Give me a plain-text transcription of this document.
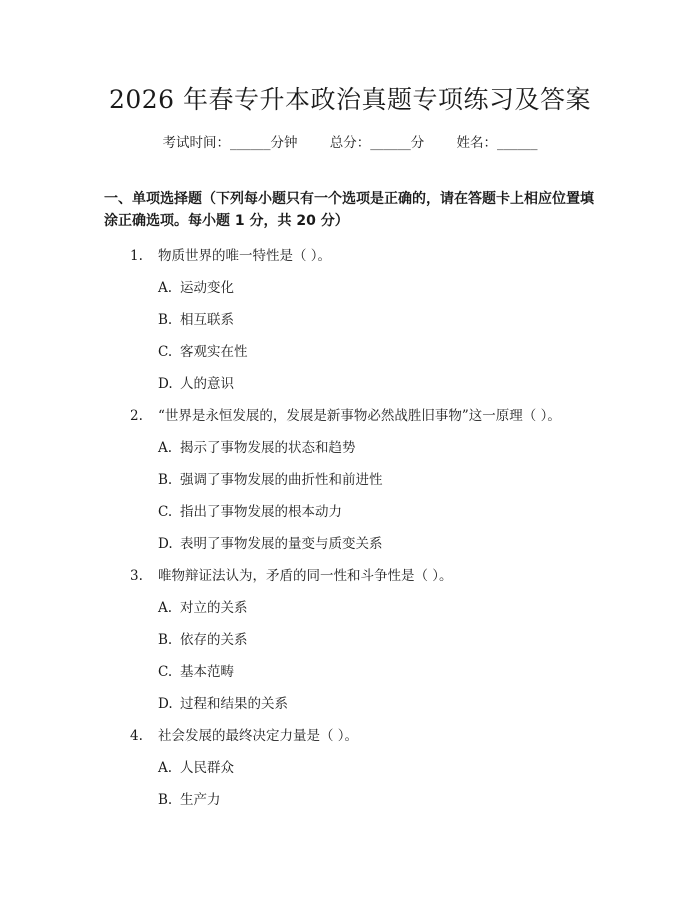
2026 年春专升本政治真题专项练习及答案
考试时间：______分钟 总分：______分 姓名：______
一、单项选择题（下列每小题只有一个选项是正确的，请在答题卡上相应位置填涂正确选项。每小题 1 分，共 20 分）
1. 物质世界的唯一特性是（ ）。
A. 运动变化
B. 相互联系
C. 客观实在性
D. 人的意识
2. “世界是永恒发展的，发展是新事物必然战胜旧事物”这一原理（ ）。
A. 揭示了事物发展的状态和趋势
B. 强调了事物发展的曲折性和前进性
C. 指出了事物发展的根本动力
D. 表明了事物发展的量变与质变关系
3. 唯物辩证法认为，矛盾的同一性和斗争性是（ ）。
A. 对立的关系
B. 依存的关系
C. 基本范畴
D. 过程和结果的关系
4. 社会发展的最终决定力量是（ ）。
A. 人民群众
B. 生产力
